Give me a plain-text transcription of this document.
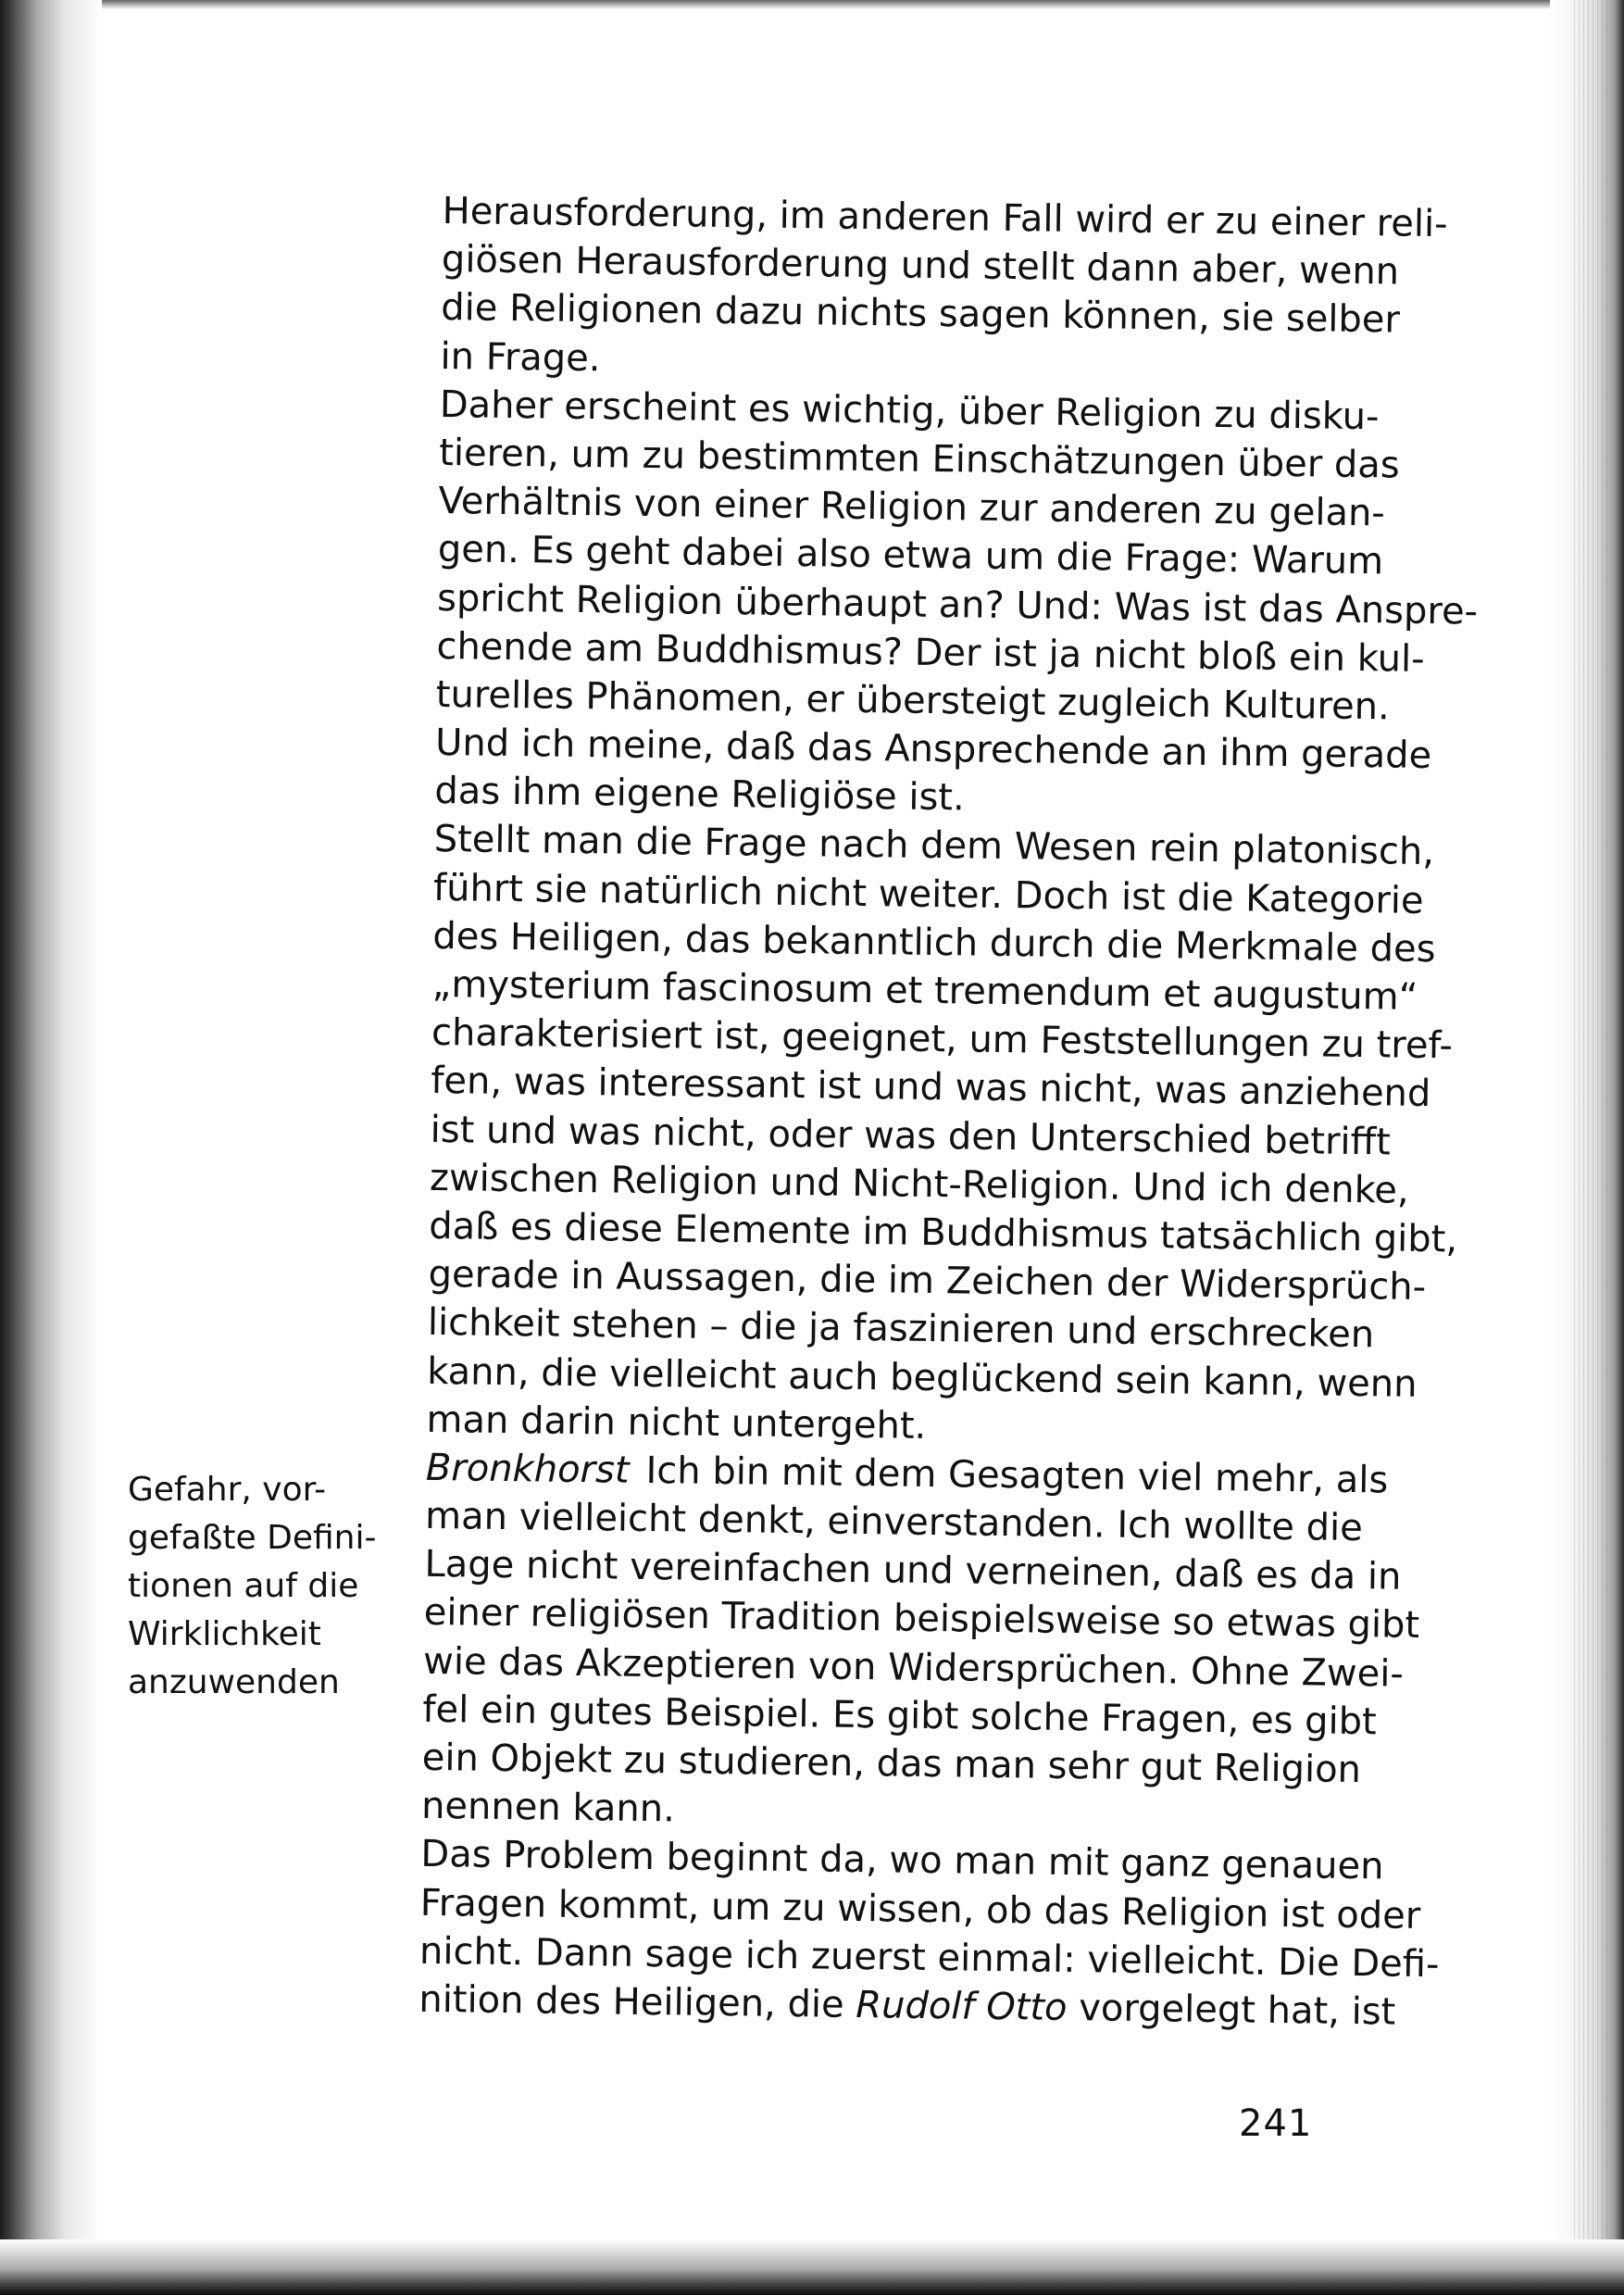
Gefahr, vor-
gefaßte Defini-
tionen auf die
Wirklichkeit
anzuwenden
Herausforderung, im anderen Fall wird er zu einer reli-
giösen Herausforderung und stellt dann aber, wenn
die Religionen dazu nichts sagen können, sie selber
in Frage.
Daher erscheint es wichtig, über Religion zu disku-
tieren, um zu bestimmten Einschätzungen über das
Verhältnis von einer Religion zur anderen zu gelan-
gen. Es geht dabei also etwa um die Frage: Warum
spricht Religion überhaupt an? Und: Was ist das Anspre-
chende am Buddhismus? Der ist ja nicht bloß ein kul-
turelles Phänomen, er übersteigt zugleich Kulturen.
Und ich meine, daß das Ansprechende an ihm gerade
das ihm eigene Religiöse ist.
Stellt man die Frage nach dem Wesen rein platonisch,
führt sie natürlich nicht weiter. Doch ist die Kategorie
des Heiligen, das bekanntlich durch die Merkmale des
„mysterium fascinosum et tremendum et augustum“
charakterisiert ist, geeignet, um Feststellungen zu tref-
fen, was interessant ist und was nicht, was anziehend
ist und was nicht, oder was den Unterschied betrifft
zwischen Religion und Nicht-Religion. Und ich denke,
daß es diese Elemente im Buddhismus tatsächlich gibt,
gerade in Aussagen, die im Zeichen der Widersprüch-
lichkeit stehen – die ja faszinieren und erschrecken
kann, die vielleicht auch beglückend sein kann, wenn
man darin nicht untergeht.
Bronkhorst Ich bin mit dem Gesagten viel mehr, als
man vielleicht denkt, einverstanden. Ich wollte die
Lage nicht vereinfachen und verneinen, daß es da in
einer religiösen Tradition beispielsweise so etwas gibt
wie das Akzeptieren von Widersprüchen. Ohne Zwei-
fel ein gutes Beispiel. Es gibt solche Fragen, es gibt
ein Objekt zu studieren, das man sehr gut Religion
nennen kann.
Das Problem beginnt da, wo man mit ganz genauen
Fragen kommt, um zu wissen, ob das Religion ist oder
nicht. Dann sage ich zuerst einmal: vielleicht. Die Defi-
nition des Heiligen, die Rudolf Otto vorgelegt hat, ist
241
